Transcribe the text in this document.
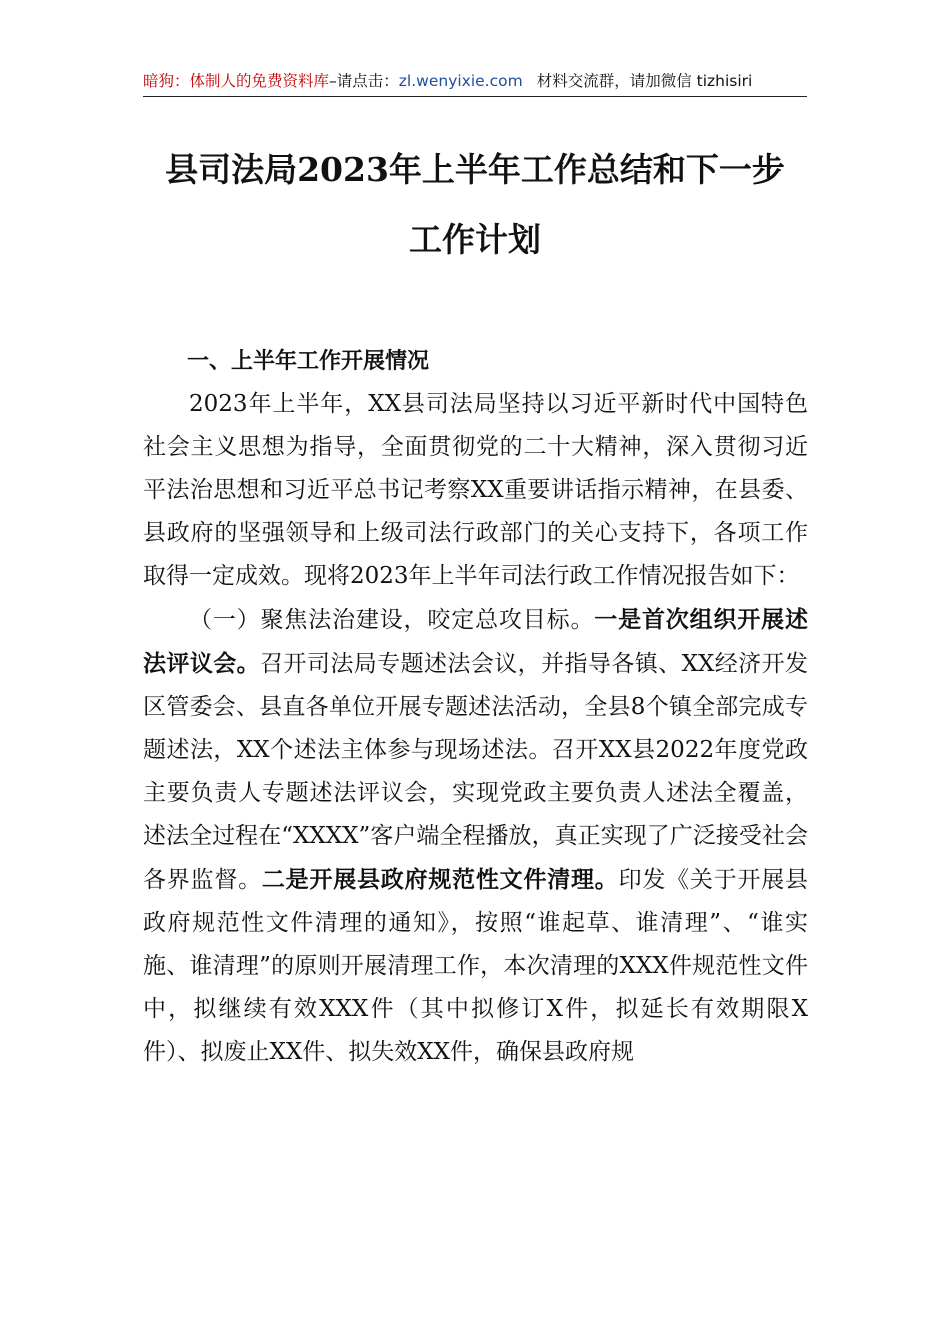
暗狗：体制人的免费资料库–请点击：zl.wenyixie.com 材料交流群，请加微信 tizhisiri
县司法局2023年上半年工作总结和下一步
工作计划

一、上半年工作开展情况

2023年上半年，XX县司法局坚持以习近平新时代中国特色社会主义思想为指导，全面贯彻党的二十大精神，深入贯彻习近平法治思想和习近平总书记考察XX重要讲话指示精神，在县委、县政府的坚强领导和上级司法行政部门的关心支持下，各项工作取得一定成效。现将2023年上半年司法行政工作情况报告如下：

（一）聚焦法治建设，咬定总攻目标。一是首次组织开展述法评议会。召开司法局专题述法会议，并指导各镇、XX经济开发区管委会、县直各单位开展专题述法活动，全县8个镇全部完成专题述法，XX个述法主体参与现场述法。召开XX县2022年度党政主要负责人专题述法评议会，实现党政主要负责人述法全覆盖，述法全过程在“XXXX”客户端全程播放，真正实现了广泛接受社会各界监督。二是开展县政府规范性文件清理。印发《关于开展县政府规范性文件清理的通知》，按照“谁起草、谁清理”、“谁实施、谁清理”的原则开展清理工作，本次清理的XXX件规范性文件中，拟继续有效XXX件（其中拟修订X件，拟延长有效期限X件）、拟废止XX件、拟失效XX件，确保县政府规
